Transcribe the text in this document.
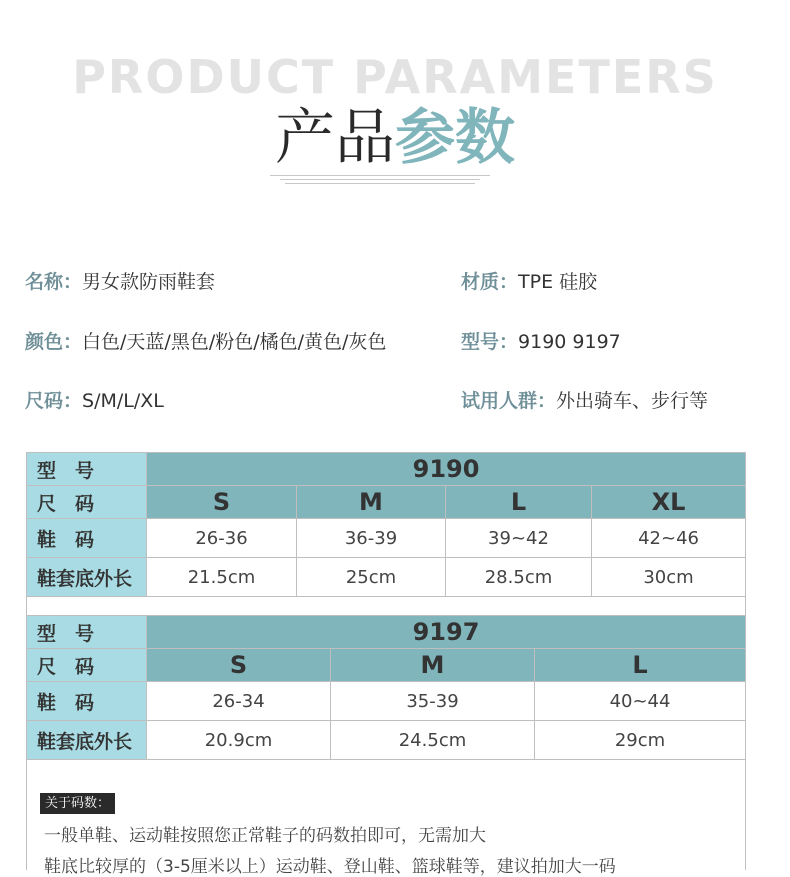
PRODUCT PARAMETERS
产品参数
名称：男女款防雨鞋套	材质：TPE 硅胶
颜色：白色/天蓝/黑色/粉色/橘色/黄色/灰色	型号：9190 9197
尺码：S/M/L/XL	试用人群：外出骑车、步行等
型　号	9190			
尺　码	S	M	L	XL
鞋　码	26-36	36-39	39~42	42~46
鞋套底外长	21.5cm	25cm	28.5cm	30cm
型　号	9197		
尺　码	S	M	L
鞋　码	26-34	35-39	40~44
鞋套底外长	20.9cm	24.5cm	29cm
关于码数：
一般单鞋、运动鞋按照您正常鞋子的码数拍即可，无需加大
鞋底比较厚的（3-5厘米以上）运动鞋、登山鞋、篮球鞋等，建议拍加大一码
